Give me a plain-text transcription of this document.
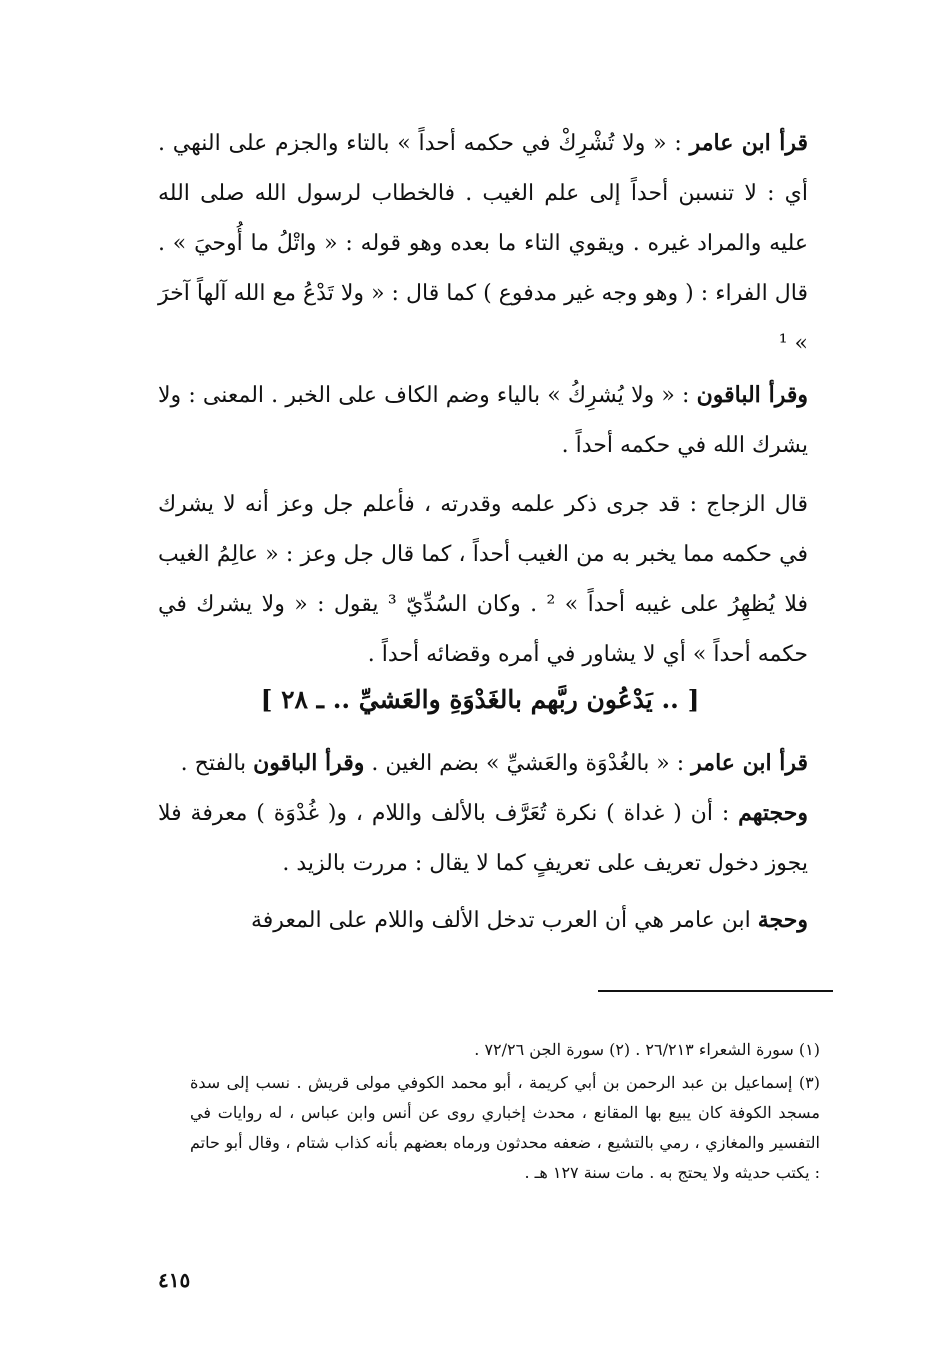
قرأ ابن عامر : « ولا تُشْرِكْ في حكمه أحداً » بالتاء والجزم على النهي . أي : لا تنسبن أحداً إلى علم الغيب . فالخطاب لرسول الله صلى الله عليه والمراد غيره . ويقوي التاء ما بعده وهو قوله : « واتْلُ ما أُوحيَ » . قال الفراء : ( وهو وجه غير مدفوع ) كما قال : « ولا تَدْعُ مع الله آلهاً آخرَ » ¹

وقرأ الباقون : « ولا يُشرِكُ » بالياء وضم الكاف على الخبر . المعنى : ولا يشرك الله في حكمه أحداً .

قال الزجاج : قد جرى ذكر علمه وقدرته ، فأعلم جل وعز أنه لا يشرك في حكمه مما يخبر به من الغيب أحداً ، كما قال جل وعز : « عالِمُ الغيب فلا يُظهِرُ على غيبه أحداً » ² . وكان السُدِّيّ ³ يقول : « ولا يشرك في حكمه أحداً » أي لا يشاور في أمره وقضائه أحداً .

[ .. يَدْعُون ربَّهم بالغَدْوَةِ والعَشيِّ .. ـ ٢٨ ]

قرأ ابن عامر : « بالغُدْوَة والعَشيِّ » بضم الغين . وقرأ الباقون بالفتح .

وحجتهم : أن ( غداة ) نكرة تُعَرَّف بالألف واللام ، و( غُدْوَة ) معرفة فلا يجوز دخول تعريف على تعريفٍ كما لا يقال : مررت بالزيد .

وحجة ابن عامر هي أن العرب تدخل الألف واللام على المعرفة

(١) سورة الشعراء ٢٦/٢١٣ . (٢) سورة الجن ٧٢/٢٦ .

(٣) إسماعيل بن عبد الرحمن بن أبي كريمة ، أبو محمد الكوفي مولى قريش . نسب إلى سدة مسجد الكوفة كان يبيع بها المقانع ، محدث إخباري روى عن أنس وابن عباس ، له روايات في التفسير والمغازي ، رمي بالتشيع ، ضعفه محدثون ورماه بعضهم بأنه كذاب شتام ، وقال أبو حاتم : يكتب حديثه ولا يحتج به . مات سنة ١٢٧ هـ .

٤١٥
